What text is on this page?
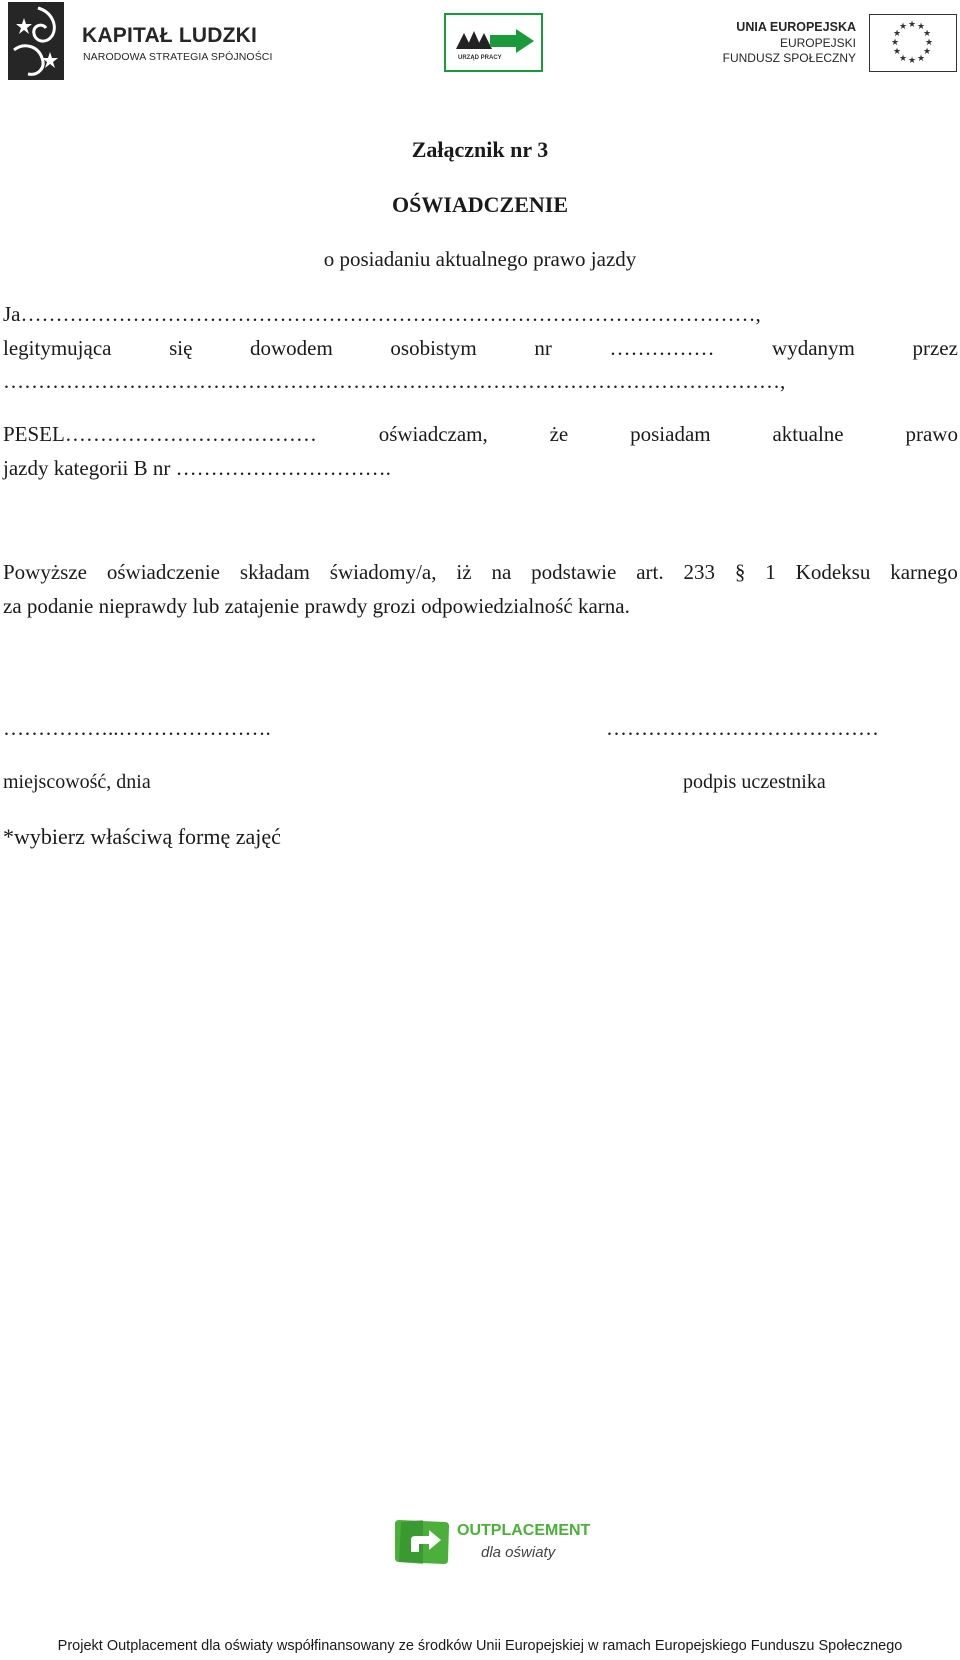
KAPITAŁ LUDZKI
NARODOWA STRATEGIA SPÓJNOŚCI	URZĄD PRACY
UNIA EUROPEJSKA
EUROPEJSKI
FUNDUSZ SPOŁECZNY
★ ★
★
★
★
★
★
★
★
★
★
★
Załącznik nr 3
OŚWIADCZENIE
o posiadaniu aktualnego prawo jazdy
Ja……………………………………………………………………………………………,
legitymująca	się	dowodem	osobistym	nr	……………	wydanym	przez
…………………………………………………………………………………………………,
PESEL………………………………	oświadczam,	że	posiadam	aktualne	prawo
jazdy kategorii B nr ………………………….
Powyższe oświadczenie składam świadomy/a, iż na podstawie art. 233 § 1 Kodeksu karnego
za podanie nieprawdy lub zatajenie prawdy grozi odpowiedzialność karna.
……………..………………….	…………………………………
miejscowość, dnia	podpis uczestnika
*wybierz właściwą formę zajęć
OUTPLACEMENT
dla oświaty
Projekt Outplacement dla oświaty współfinansowany ze środków Unii Europejskiej w ramach Europejskiego Funduszu Społecznego
